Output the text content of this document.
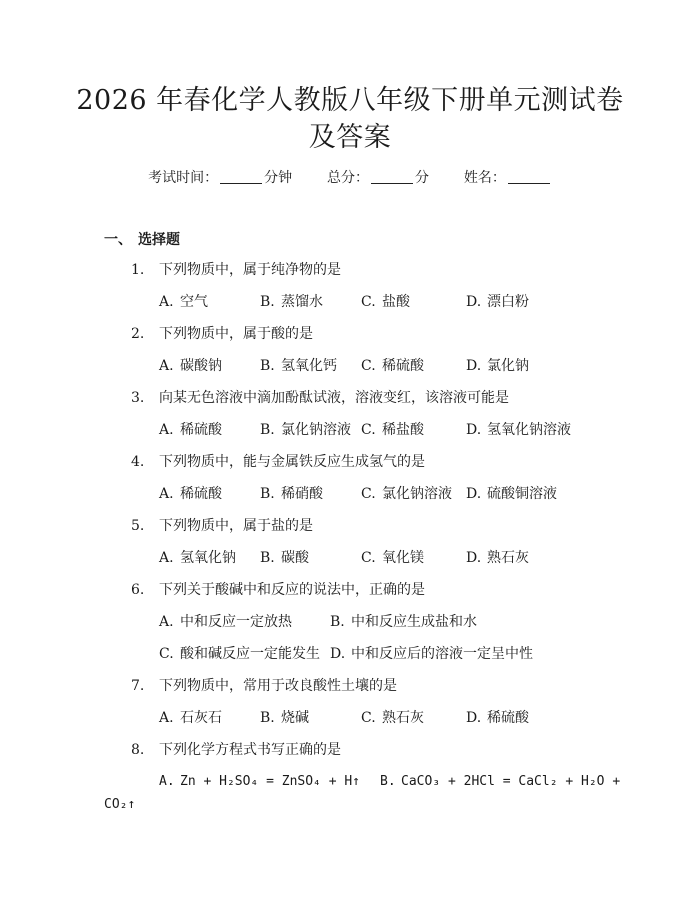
2026 年春化学人教版八年级下册单元测试卷
及答案
考试时间：	分钟 总分：	分 姓名：
一、 选择题
1. 下列物质中，属于纯净物的是
A. 空气	B. 蒸馏水	C. 盐酸	D. 漂白粉
2. 下列物质中，属于酸的是
A. 碳酸钠	B. 氢氧化钙 C. 稀硫酸	D. 氯化钠
3. 向某无色溶液中滴加酚酞试液，溶液变红，该溶液可能是
A. 稀硫酸	B. 氯化钠溶液 C. 稀盐酸	D. 氢氧化钠溶液
4. 下列物质中，能与金属铁反应生成氢气的是
A. 稀硫酸	B. 稀硝酸	C. 氯化钠溶液 D. 硫酸铜溶液
5. 下列物质中，属于盐的是
A. 氢氧化钠 B. 碳酸	C. 氧化镁	D. 熟石灰
6. 下列关于酸碱中和反应的说法中，正确的是
A. 中和反应一定放热	B. 中和反应生成盐和水
C. 酸和碱反应一定能发生 D. 中和反应后的溶液一定呈中性
7. 下列物质中，常用于改良酸性土壤的是
A. 石灰石	B. 烧碱	C. 熟石灰	D. 稀硫酸
8. 下列化学方程式书写正确的是
A. Zn + H₂SO₄ = ZnSO₄ + H↑ B. CaCO₃ + 2HCl = CaCl₂ + H₂O +
CO₂↑
